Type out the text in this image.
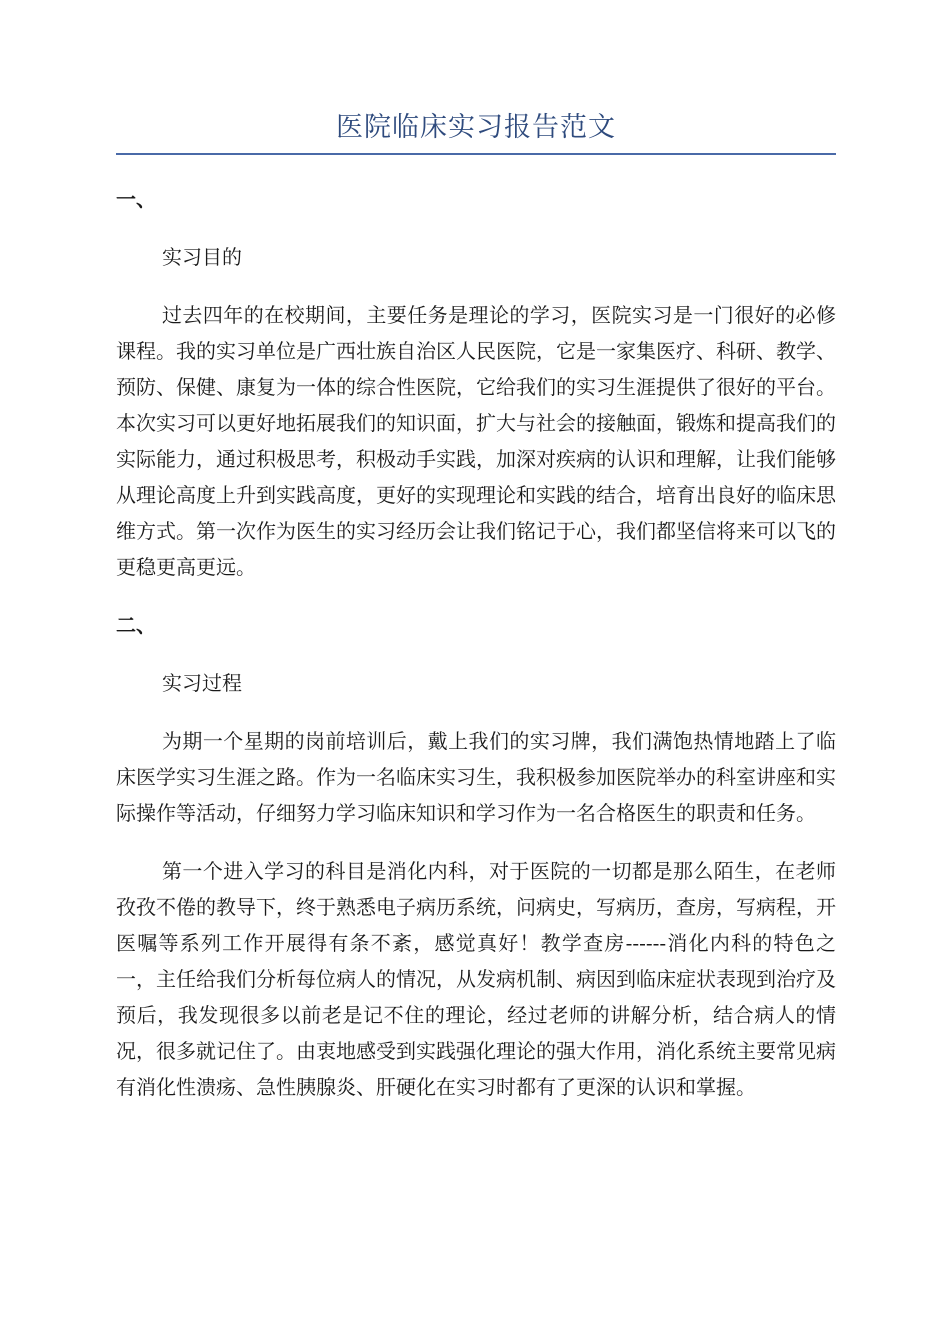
医院临床实习报告范文

一、

实习目的

过去四年的在校期间，主要任务是理论的学习，医院实习是一门很好的必修课程。我的实习单位是广西壮族自治区人民医院，它是一家集医疗、科研、教学、预防、保健、康复为一体的综合性医院，它给我们的实习生涯提供了很好的平台。本次实习可以更好地拓展我们的知识面，扩大与社会的接触面，锻炼和提高我们的实际能力，通过积极思考，积极动手实践，加深对疾病的认识和理解，让我们能够从理论高度上升到实践高度，更好的实现理论和实践的结合，培育出良好的临床思维方式。第一次作为医生的实习经历会让我们铭记于心，我们都坚信将来可以飞的更稳更高更远。

二、

实习过程

为期一个星期的岗前培训后，戴上我们的实习牌，我们满饱热情地踏上了临床医学实习生涯之路。作为一名临床实习生，我积极参加医院举办的科室讲座和实际操作等活动，仔细努力学习临床知识和学习作为一名合格医生的职责和任务。

第一个进入学习的科目是消化内科，对于医院的一切都是那么陌生，在老师孜孜不倦的教导下，终于熟悉电子病历系统，问病史，写病历，查房，写病程，开医嘱等系列工作开展得有条不紊，感觉真好！教学查房------消化内科的特色之一，主任给我们分析每位病人的情况，从发病机制、病因到临床症状表现到治疗及预后，我发现很多以前老是记不住的理论，经过老师的讲解分析，结合病人的情况，很多就记住了。由衷地感受到实践强化理论的强大作用，消化系统主要常见病有消化性溃疡、急性胰腺炎、肝硬化在实习时都有了更深的认识和掌握。
